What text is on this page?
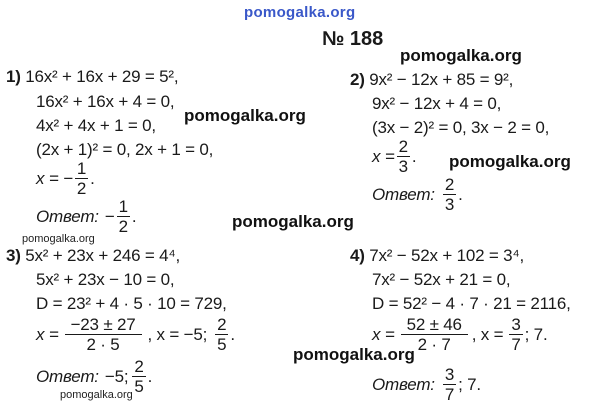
pomogalka.org
pomogalka.org
pomogalka.org
pomogalka.org
pomogalka.org
pomogalka.org
pomogalka.org
pomogalka.org
№ 188
1) 16x² + 16x + 29 = 5²,
16x² + 16x + 4 = 0,
4x² + 4x + 1 = 0,
(2x + 1)² = 0, 2x + 1 = 0,
x = − $\frac{1}{2}$ .
Ответ: − $\frac{1}{2}$ .
2) 9x² − 12x + 85 = 9²,
9x² − 12x + 4 = 0,
(3x − 2)² = 0, 3x − 2 = 0,
$x = \frac{2}{3}$ .
Ответ: $\frac{2}{3}$ .
3) 5x² + 23x + 246 = 4⁴,
5x² + 23x − 10 = 0,
D = 23² + 4 · 5 · 10 = 729,
$x = \frac{-23 \pm 27}{2 \cdot 5}$ , x = −5; $\frac{2}{5}$ .
Ответ: −5; $\frac{2}{5}$ .
4) 7x² − 52x + 102 = 3⁴,
7x² − 52x + 21 = 0,
D = 52² − 4 · 7 · 21 = 2116,
$x = \frac{52 \pm 46}{2 \cdot 7}$ , $x = \frac{3}{7}$ ; 7.
Ответ: $\frac{3}{7}$ ; 7.
